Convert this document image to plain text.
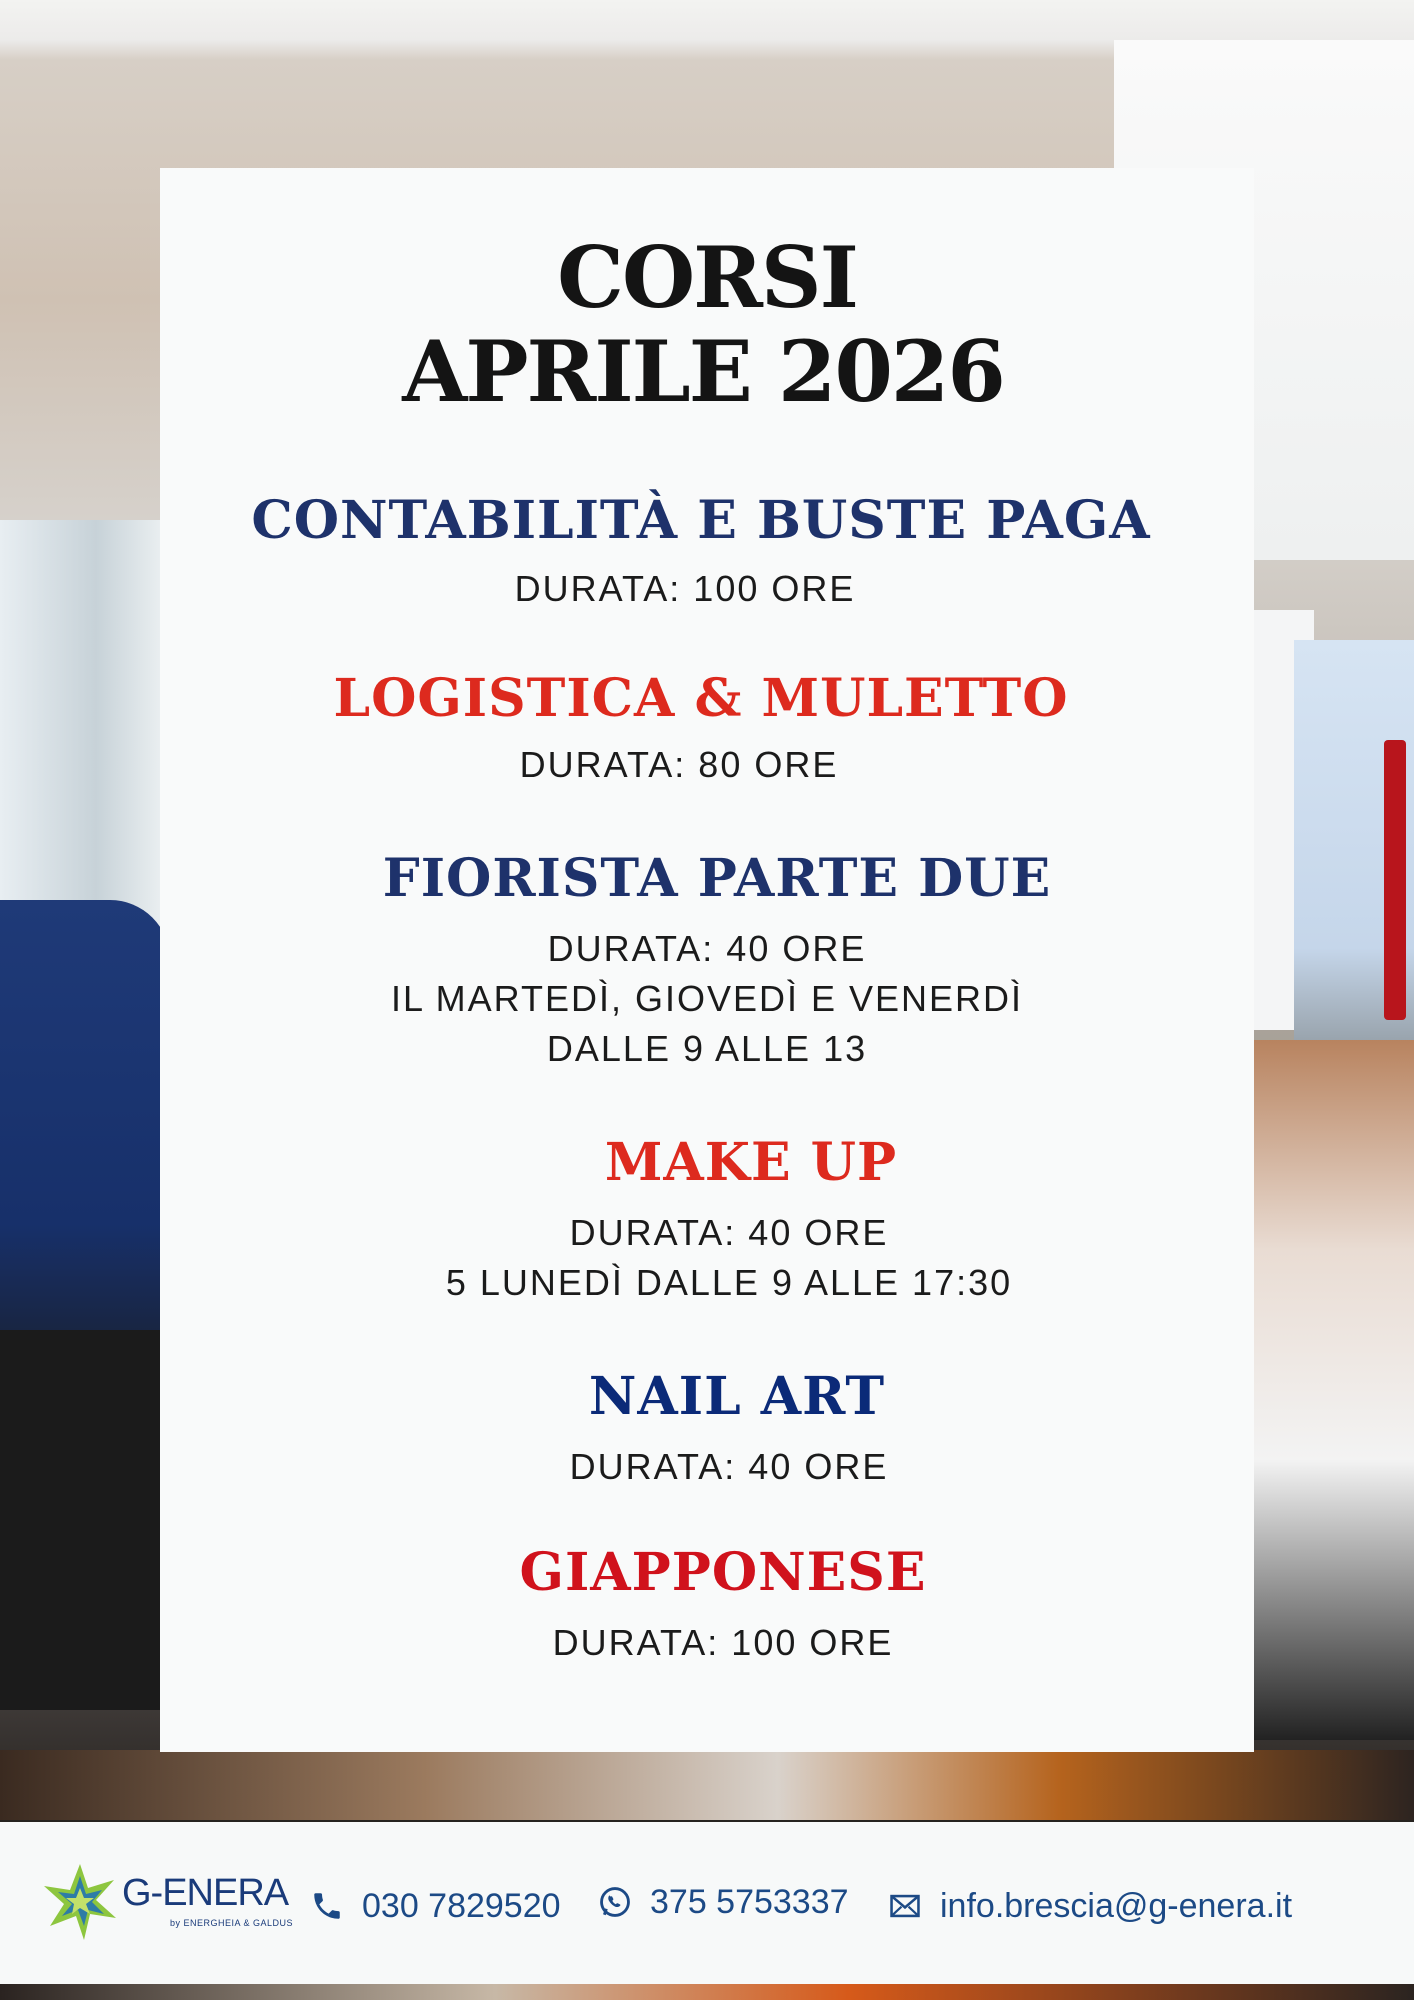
CORSI
APRILE 2026
CONTABILITÀ E BUSTE PAGA
DURATA: 100 ORE
LOGISTICA & MULETTO
DURATA: 80 ORE
FIORISTA PARTE DUE
DURATA: 40 ORE
IL MARTEDÌ, GIOVEDÌ E VENERDÌ
DALLE 9 ALLE 13
MAKE UP
DURATA: 40 ORE
5 LUNEDÌ DALLE 9 ALLE 17:30
NAIL ART
DURATA: 40 ORE
GIAPPONESE
DURATA: 100 ORE
G-ENERA
by ENERGHEIA & GALDUS 030 7829520	375 5753337	info.brescia@g-enera.it
